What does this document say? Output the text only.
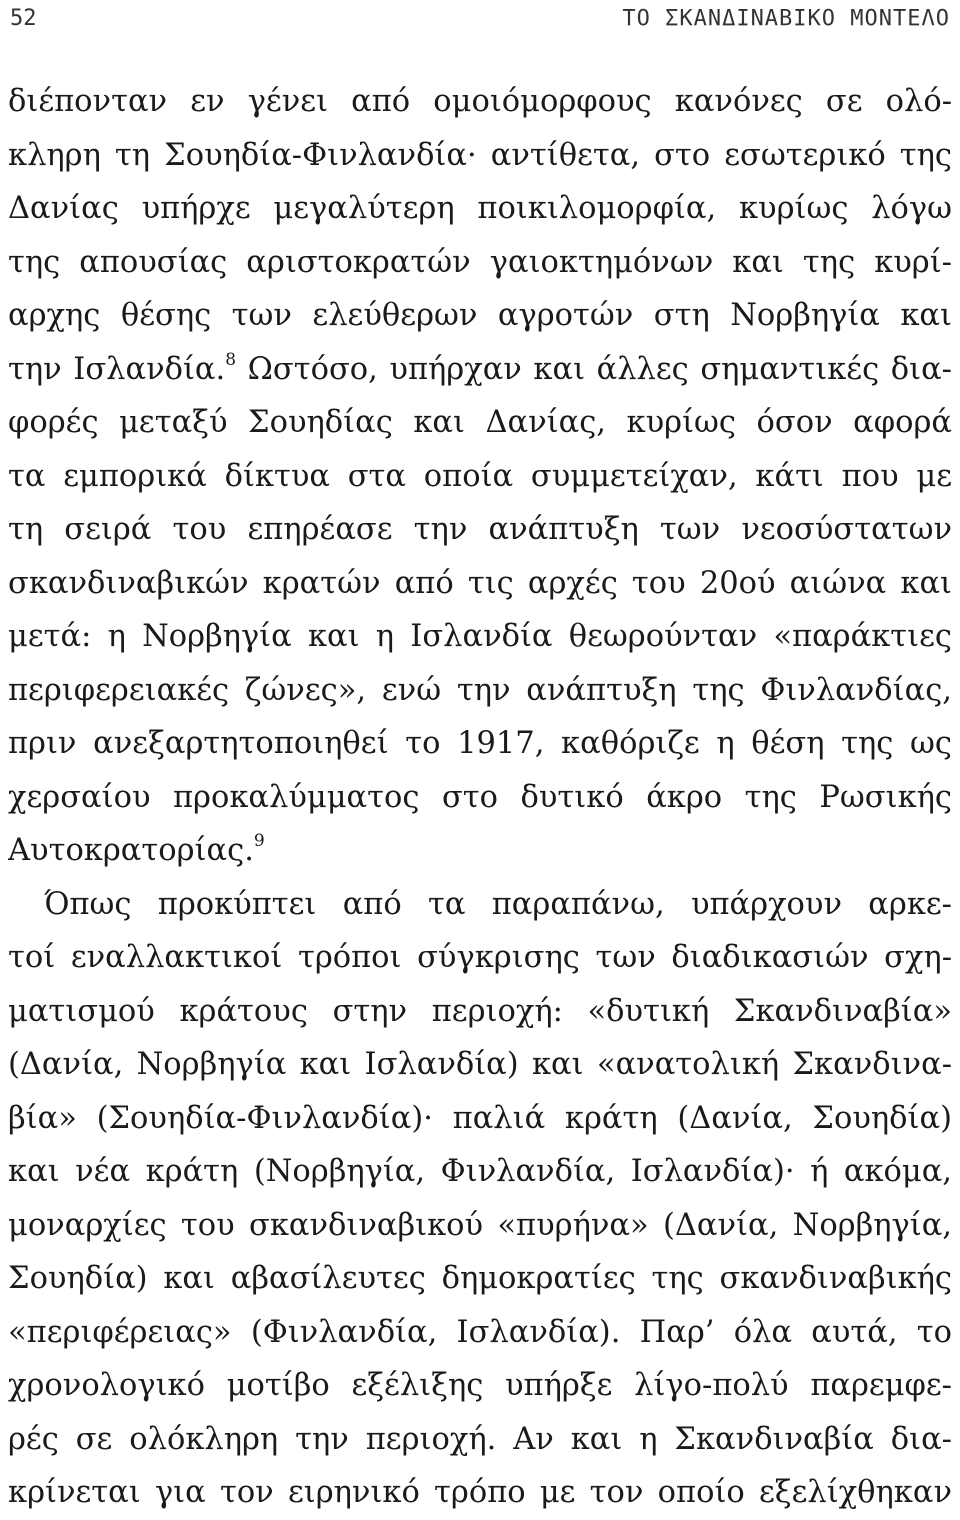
52	ΤΟ ΣΚΑΝΔΙΝΑΒΙΚΟ ΜΟΝΤΕΛΟ
διέπονταν εν γένει από ομοιόμορφους κανόνες σε ολό-
κληρη τη Σουηδία-Φινλανδία· αντίθετα, στο εσωτερικό της
Δανίας υπήρχε μεγαλύτερη ποικιλομορφία, κυρίως λόγω
της απουσίας αριστοκρατών γαιοκτημόνων και της κυρί-
αρχης θέσης των ελεύθερων αγροτών στη Νορβηγία και
την Ισλανδία.$^8$ Ωστόσο, υπήρχαν και άλλες σημαντικές δια-
φορές μεταξύ Σουηδίας και Δανίας, κυρίως όσον αφορά
τα εμπορικά δίκτυα στα οποία συμμετείχαν, κάτι που με
τη σειρά του επηρέασε την ανάπτυξη των νεοσύστατων
σκανδιναβικών κρατών από τις αρχές του 20ού αιώνα και
μετά: η Νορβηγία και η Ισλανδία θεωρούνταν «παράκτιες
περιφερειακές ζώνες», ενώ την ανάπτυξη της Φινλανδίας,
πριν ανεξαρτητοποιηθεί το 1917, καθόριζε η θέση της ως
χερσαίου προκαλύμματος στο δυτικό άκρο της Ρωσικής
Αυτοκρατορίας.$^9$
Όπως προκύπτει από τα παραπάνω, υπάρχουν αρκε-
τοί εναλλακτικοί τρόποι σύγκρισης των διαδικασιών σχη-
ματισμού κράτους στην περιοχή: «δυτική Σκανδιναβία»
(Δανία, Νορβηγία και Ισλανδία) και «ανατολική Σκανδινα-
βία» (Σουηδία-Φινλανδία)· παλιά κράτη (Δανία, Σουηδία)
και νέα κράτη (Νορβηγία, Φινλανδία, Ισλανδία)· ή ακόμα,
μοναρχίες του σκανδιναβικού «πυρήνα» (Δανία, Νορβηγία,
Σουηδία) και αβασίλευτες δημοκρατίες της σκανδιναβικής
«περιφέρειας» (Φινλανδία, Ισλανδία). Παρ’ όλα αυτά, το
χρονολογικό μοτίβο εξέλιξης υπήρξε λίγο-πολύ παρεμφε-
ρές σε ολόκληρη την περιοχή. Αν και η Σκανδιναβία δια-
κρίνεται για τον ειρηνικό τρόπο με τον οποίο εξελίχθηκαν
